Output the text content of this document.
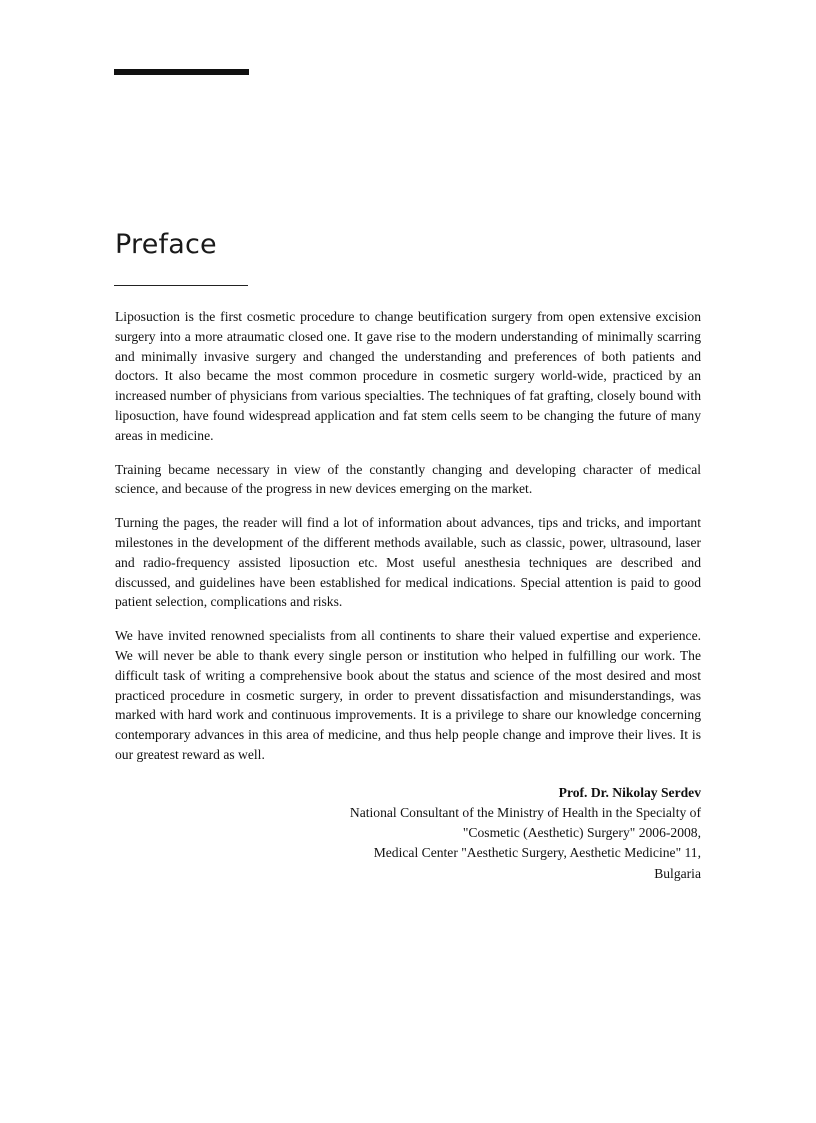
Preface

Liposuction is the first cosmetic procedure to change beutification surgery from open extensive excision surgery into a more atraumatic closed one. It gave rise to the modern understanding of minimally scarring and minimally invasive surgery and changed the understanding and preferences of both patients and doctors. It also became the most common procedure in cosmetic surgery world-wide, practiced by an increased number of physicians from various specialties. The techniques of fat grafting, closely bound with liposuction, have found widespread application and fat stem cells seem to be changing the future of many areas in medicine.

Training became necessary in view of the constantly changing and developing character of medical science, and because of the progress in new devices emerging on the market.

Turning the pages, the reader will find a lot of information about advances, tips and tricks, and important milestones in the development of the different methods available, such as classic, power, ultrasound, laser and radio-frequency assisted liposuction etc. Most useful anesthesia techniques are described and discussed, and guidelines have been established for medical indications. Special attention is paid to good patient selection, complications and risks.

We have invited renowned specialists from all continents to share their valued expertise and experience. We will never be able to thank every single person or institution who helped in fulfilling our work. The difficult task of writing a comprehensive book about the status and science of the most desired and most practiced procedure in cosmetic surgery, in order to prevent dissatisfaction and misunderstandings, was marked with hard work and continuous improvements. It is a privilege to share our knowledge concerning contemporary advances in this area of medicine, and thus help people change and improve their lives. It is our greatest reward as well.

Prof. Dr. Nikolay Serdev
National Consultant of the Ministry of Health in the Specialty of
"Cosmetic (Aesthetic) Surgery" 2006-2008,
Medical Center "Aesthetic Surgery, Aesthetic Medicine" 11,
Bulgaria
